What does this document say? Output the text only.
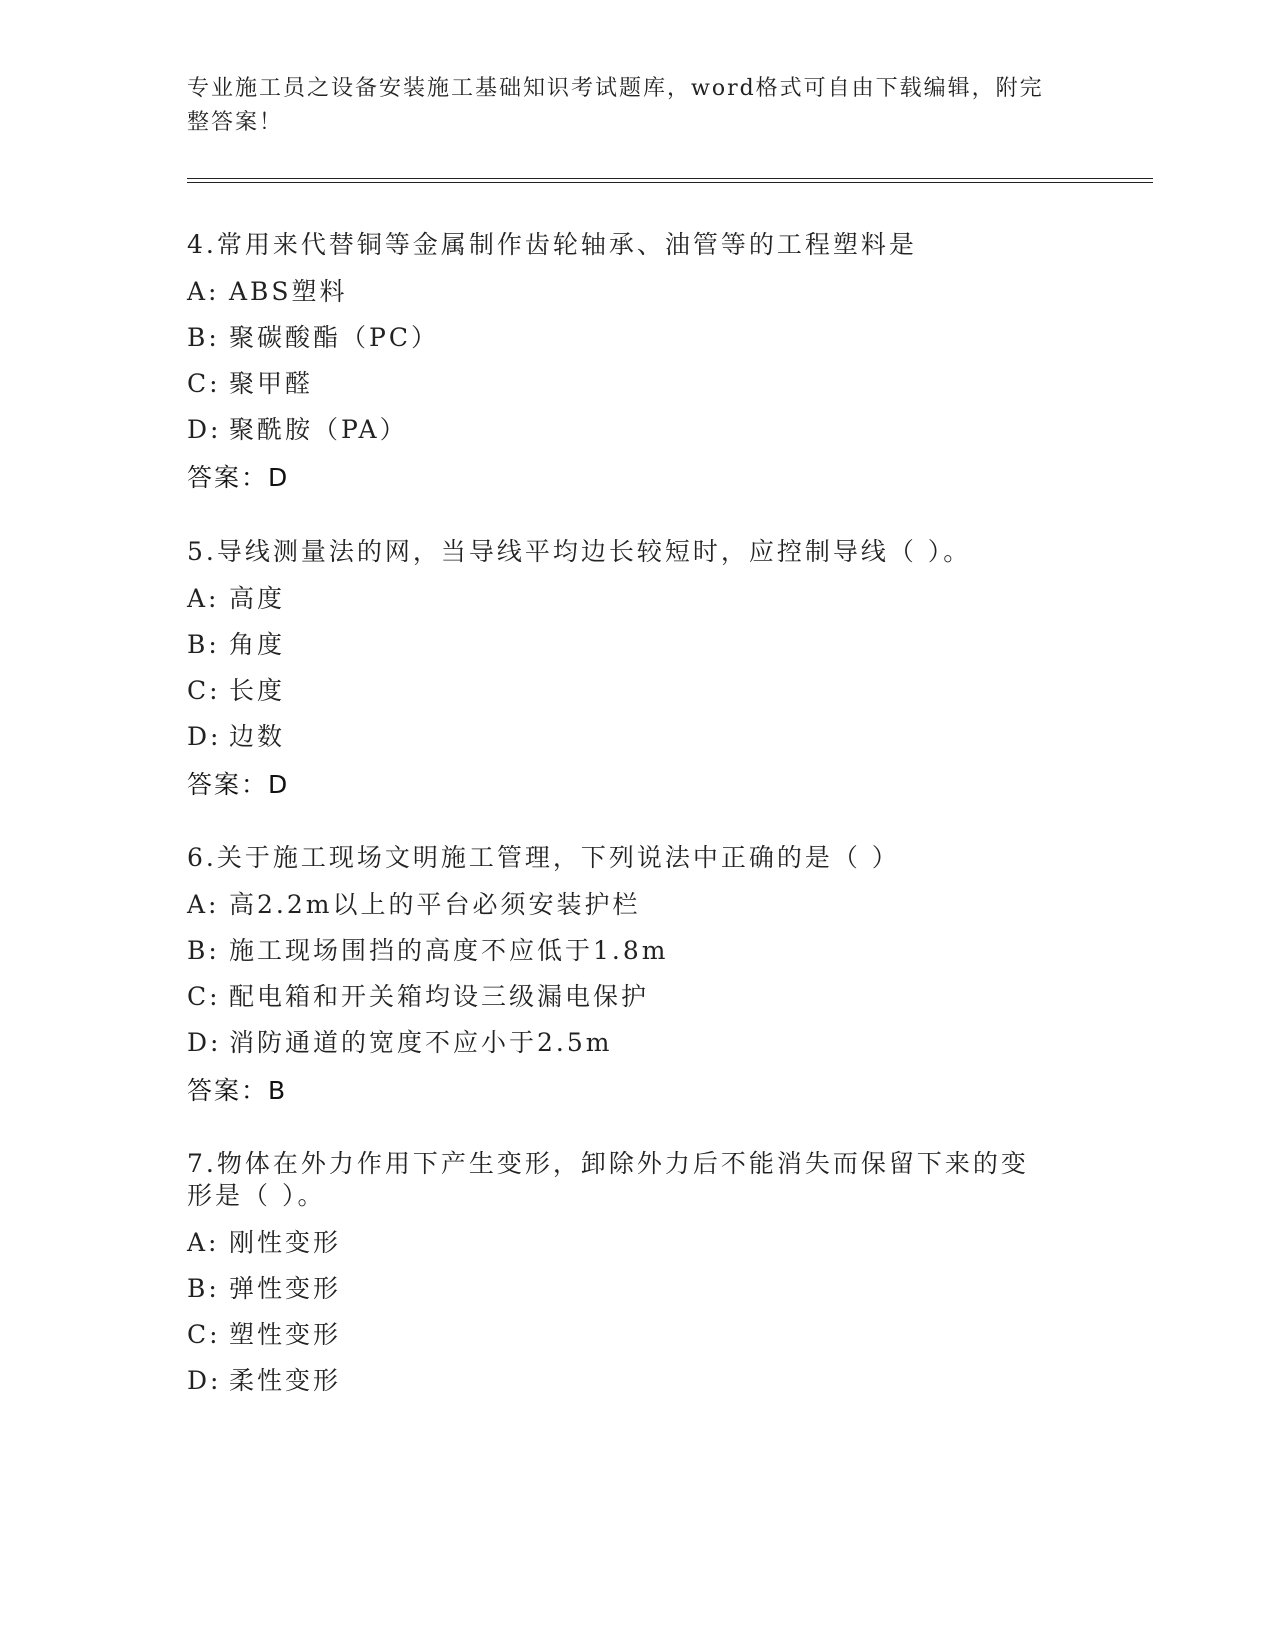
专业施工员之设备安装施工基础知识考试题库，word格式可自由下载编辑，附完整答案！

4.常用来代替铜等金属制作齿轮轴承、油管等的工程塑料是

A: ABS塑料
B: 聚碳酸酯（PC）
C: 聚甲醛
D: 聚酰胺（PA）
答案：D

5.导线测量法的网，当导线平均边长较短时，应控制导线（ ）。

A: 高度
B: 角度
C: 长度
D: 边数
答案：D

6.关于施工现场文明施工管理，下列说法中正确的是（ ）

A: 高2.2m以上的平台必须安装护栏
B: 施工现场围挡的高度不应低于1.8m
C: 配电箱和开关箱均设三级漏电保护
D: 消防通道的宽度不应小于2.5m
答案：B

7.物体在外力作用下产生变形，卸除外力后不能消失而保留下来的变形是（ ）。

A: 刚性变形
B: 弹性变形
C: 塑性变形
D: 柔性变形
